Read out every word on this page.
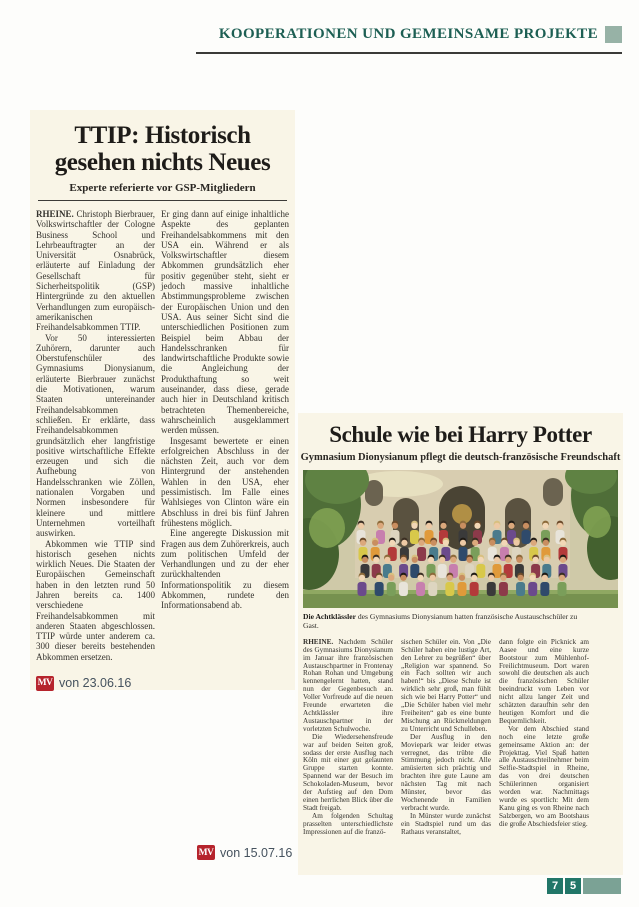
KOOPERATIONEN UND GEMEINSAME PROJEKTE
TTIP: Historisch gesehen nichts Neues
Experte referierte vor GSP-Mitgliedern

RHEINE. Christoph Bierbrauer, Volkswirtschaftler der Cologne Business School und Lehrbeauftragter an der Universität Osnabrück, erläuterte auf Einladung der Gesellschaft für Sicherheitspolitik (GSP) Hintergründe zu den aktuellen Verhandlungen zum europäisch-amerikanischen Freihandelsabkommen TTIP.

Vor 50 interessierten Zuhörern, darunter auch Oberstufenschüler des Gymnasiums Dionysianum, erläuterte Bierbrauer zunächst die Motivationen, warum Staaten untereinander Freihandelsabkommen schließen. Er erklärte, dass Freihandelsabkommen grundsätzlich eher langfristige positive wirtschaftliche Effekte erzeugen und sich die Aufhebung von Handelsschranken wie Zöllen, nationalen Vorgaben und Normen insbesondere für kleinere und mittlere Unternehmen vorteilhaft auswirken.

Abkommen wie TTIP sind historisch gesehen nichts wirklich Neues. Die Staaten der Europäischen Gemeinschaft haben in den letzten rund 50 Jahren bereits ca. 1400 verschiedene Freihandelsabkommen mit anderen Staaten abgeschlossen. TTIP würde unter anderem ca. 300 dieser bereits bestehenden Abkommen ersetzen.

MV von 23.06.16

Er ging dann auf einige inhaltliche Aspekte des geplanten Freihandelsabkommens mit den USA ein. Während er als Volkswirtschaftler diesem Abkommen grundsätzlich eher positiv gegenüber steht, sieht er jedoch massive inhaltliche Abstimmungsprobleme zwischen der Europäischen Union und den USA. Aus seiner Sicht sind die unterschiedlichen Positionen zum Beispiel beim Abbau der Handelsschranken für landwirtschaftliche Produkte sowie die Angleichung der Produkthaftung so weit auseinander, dass diese, gerade auch hier in Deutschland kritisch betrachteten Themenbereiche, wahrscheinlich ausgeklammert werden müssen.

Insgesamt bewertete er einen erfolgreichen Abschluss in der nächsten Zeit, auch vor dem Hintergrund der anstehenden Wahlen in den USA, eher pessimistisch. Im Falle eines Wahlsieges von Clinton wäre ein Abschluss in drei bis fünf Jahren frühestens möglich.

Eine angeregte Diskussion mit Fragen aus dem Zuhörerkreis, auch zum politischen Umfeld der Verhandlungen und zu der eher zurückhaltenden Informationspolitik zu diesem Abkommen, rundete den Informationsabend ab.

Schule wie bei Harry Potter
Gymnasium Dionysianum pflegt die deutsch-französische Freundschaft
Die Achtklässler des Gymnasiums Dionysianum hatten französische Austauschschüler zu Gast.

RHEINE. Nachdem Schüler des Gymnasiums Dionysianum im Januar ihre französischen Austauschpartner in Frontenay Rohan Rohan und Umgebung kennengelernt hatten, stand nun der Gegenbesuch an. Voller Vorfreude auf die neuen Freunde erwarteten die Achtklässler ihre Austauschpartner in der vorletzten Schulwoche.

Die Wiedersehensfreude war auf beiden Seiten groß, sodass der erste Ausflug nach Köln mit einer gut gelaunten Gruppe starten konnte. Spannend war der Besuch im Schokoladen-Museum, bevor der Aufstieg auf den Dom einen herrlichen Blick über die Stadt freigab.

Am folgenden Schultag prasselten unterschiedlichste Impressionen auf die franzö-

sischen Schüler ein. Von „Die Schüler haben eine lustige Art, den Lehrer zu begrüßen“ über „Religion war spannend. So ein Fach sollten wir auch haben!“ bis „Diese Schule ist wirklich sehr groß, man fühlt sich wie bei Harry Potter“ und „Die Schüler haben viel mehr Freiheiten“ gab es eine bunte Mischung an Rückmeldungen zu Unterricht und Schulleben.

Der Ausflug in den Moviepark war leider etwas verregnet, das trübte die Stimmung jedoch nicht. Alle amüsierten sich prächtig und brachten ihre gute Laune am nächsten Tag mit nach Münster, bevor das Wochenende in Familien verbracht wurde.

In Münster wurde zunächst ein Stadtspiel rund um das Rathaus veranstaltet,

dann folgte ein Picknick am Aasee und eine kurze Bootstour zum Mühlenhof-Freilichtmuseum. Dort waren sowohl die deutschen als auch die französischen Schüler beeindruckt vom Leben vor nicht allzu langer Zeit und schätzten daraufhin sehr den heutigen Komfort und die Bequemlichkeit.

Vor dem Abschied stand noch eine letzte große gemeinsame Aktion an: der Projekttag. Viel Spaß hatten alle Austauschteilnehmer beim Selfie-Stadtspiel in Rheine, das von drei deutschen Schülerinnen organisiert worden war. Nachmittags wurde es sportlich: Mit dem Kanu ging es von Rheine nach Salzbergen, wo am Bootshaus die große Abschiedsfeier stieg.

MV von 15.07.16
7	5
